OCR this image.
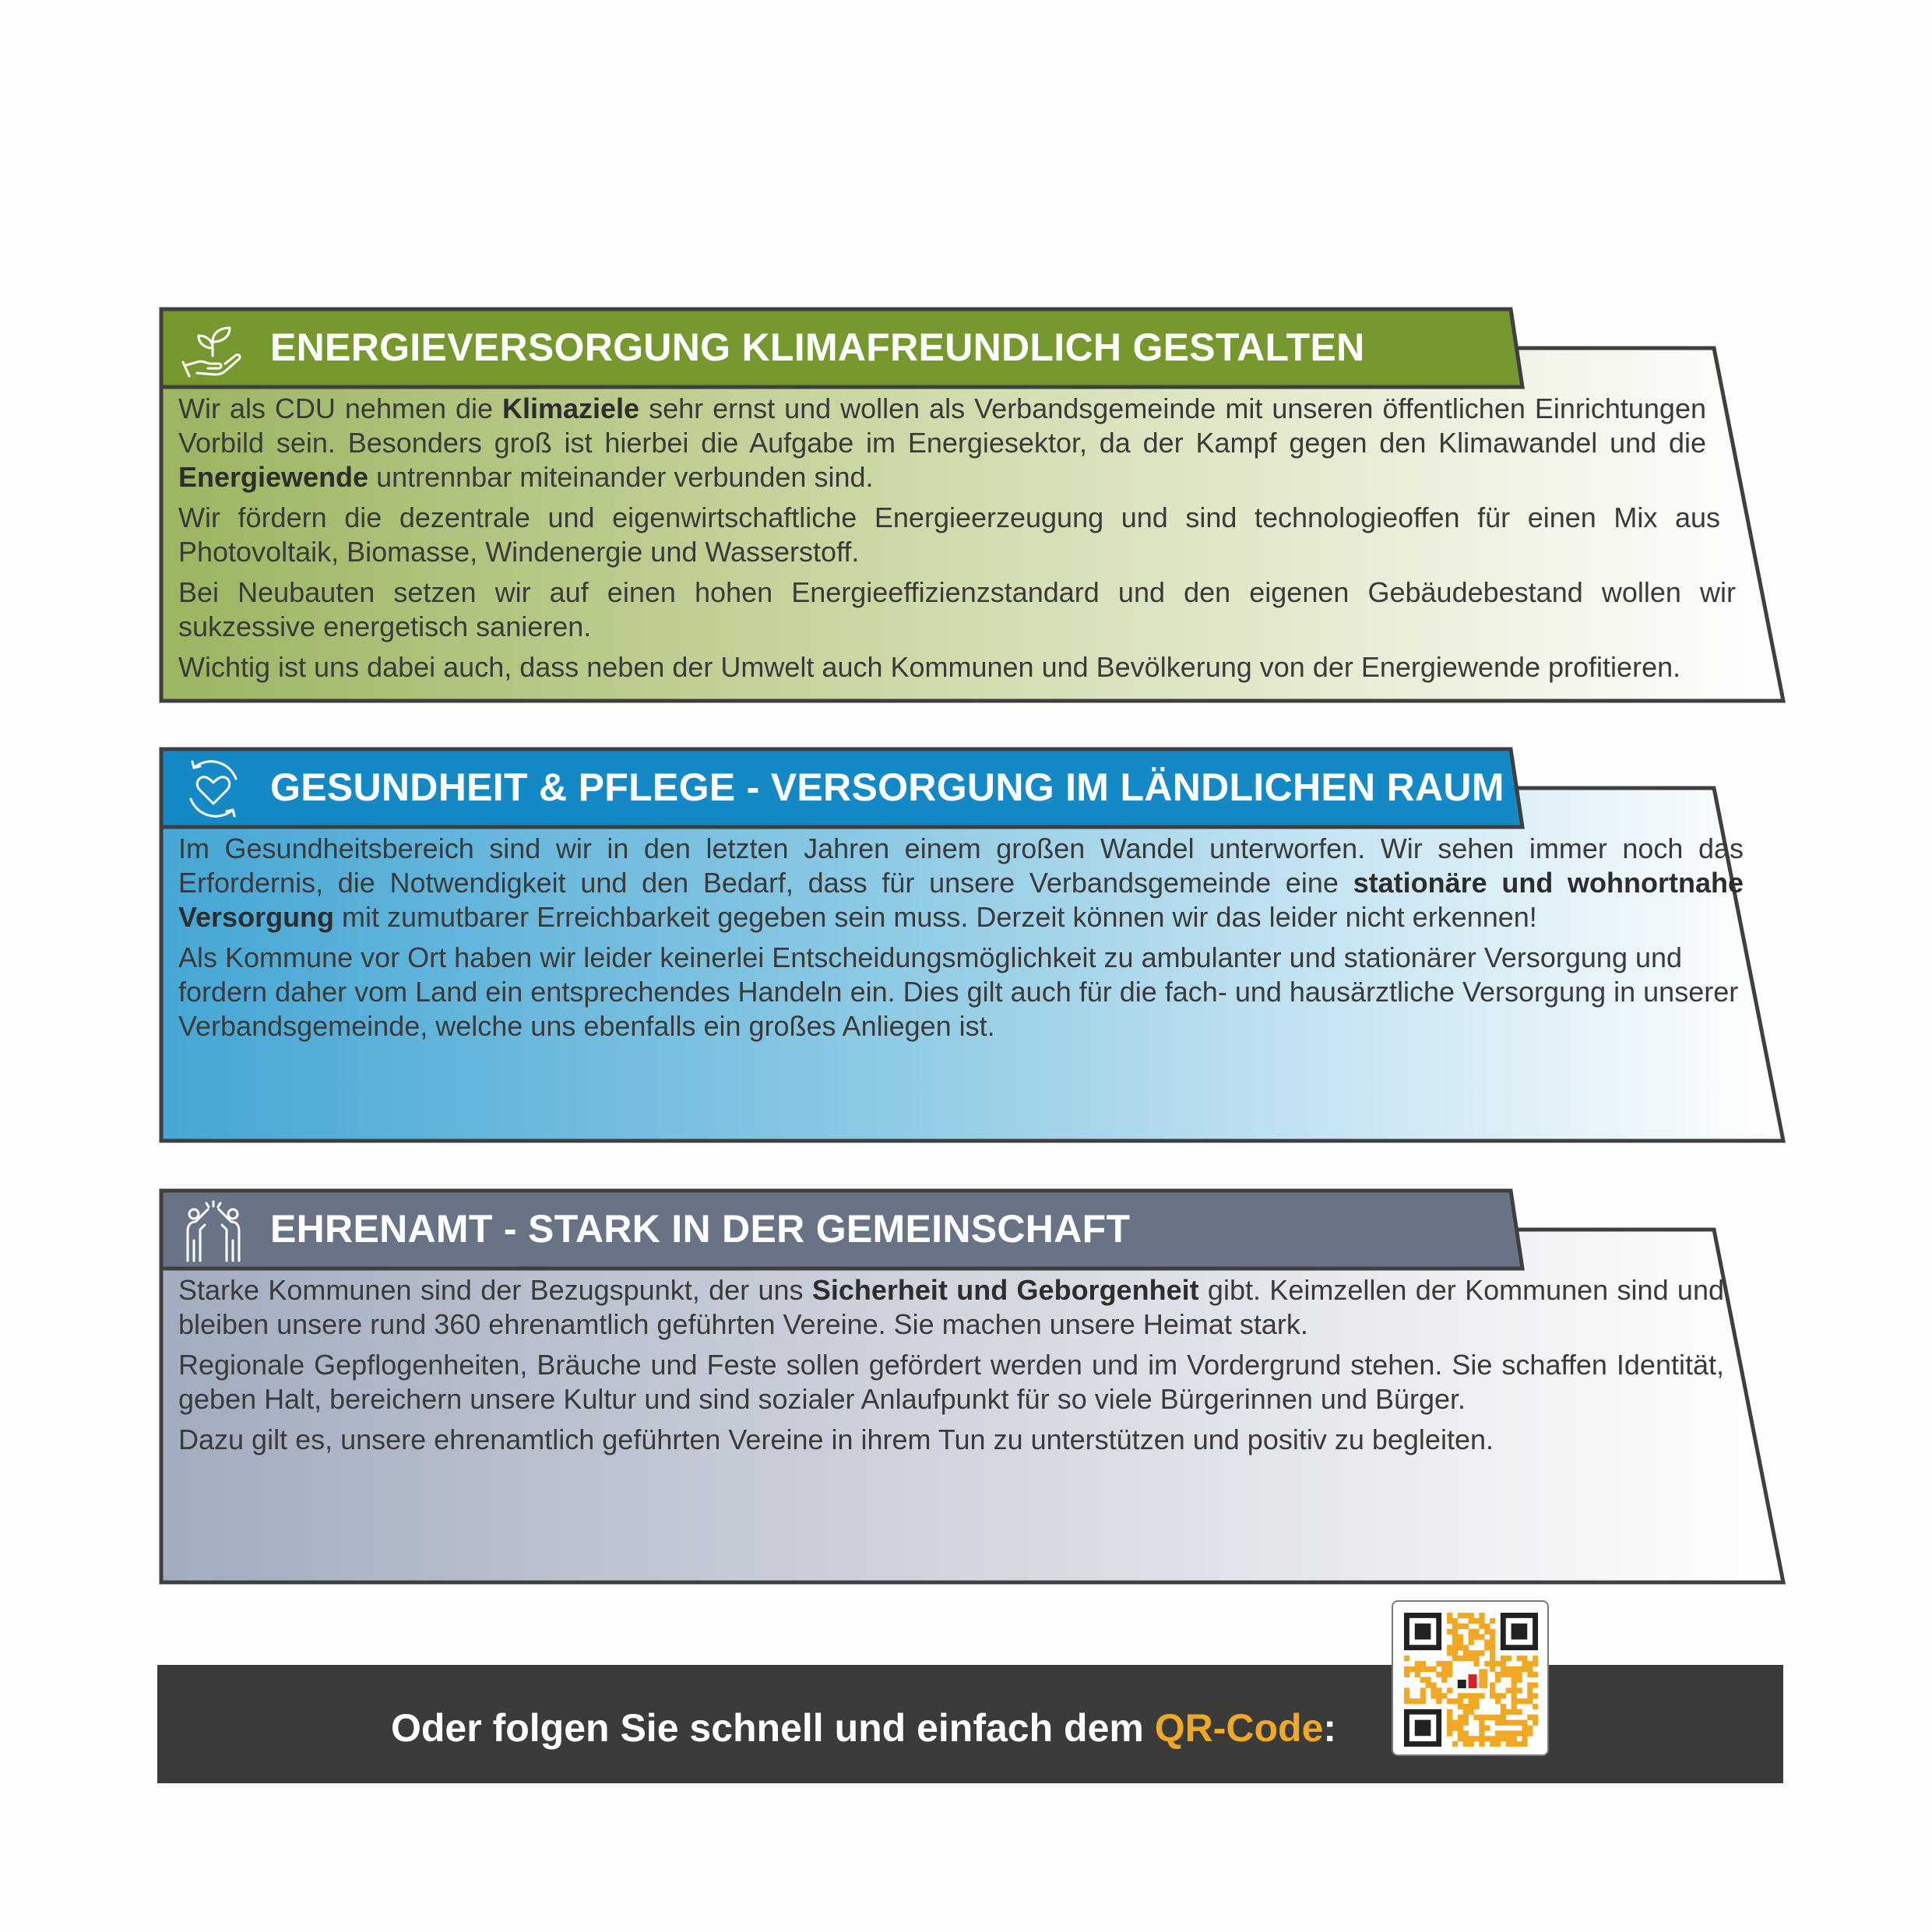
ENERGIEVERSORGUNG KLIMAFREUNDLICH GESTALTEN

Wir als CDU nehmen die Klimaziele sehr ernst und wollen als Verbandsgemeinde mit unseren öffentlichen Einrichtungen Vorbild sein. Besonders groß ist hierbei die Aufgabe im Energiesektor, da der Kampf gegen den Klimawandel und die Energiewende untrennbar miteinander verbunden sind.

Wir fördern die dezentrale und eigenwirtschaftliche Energieerzeugung und sind technologieoffen für einen Mix aus Photovoltaik, Biomasse, Windenergie und Wasserstoff.

Bei Neubauten setzen wir auf einen hohen Energieeffizienzstandard und den eigenen Gebäudebestand wollen wir sukzessive energetisch sanieren.

Wichtig ist uns dabei auch, dass neben der Umwelt auch Kommunen und Bevölkerung von der Energiewende profitieren.

GESUNDHEIT & PFLEGE - VERSORGUNG IM LÄNDLICHEN RAUM

Im Gesundheitsbereich sind wir in den letzten Jahren einem großen Wandel unterworfen. Wir sehen immer noch das Erfordernis, die Notwendigkeit und den Bedarf, dass für unsere Verbandsgemeinde eine stationäre und wohnortnahe Versorgung mit zumutbarer Erreichbarkeit gegeben sein muss. Derzeit können wir das leider nicht erkennen!

Als Kommune vor Ort haben wir leider keinerlei Entscheidungsmöglichkeit zu ambulanter und stationärer Versorgung und fordern daher vom Land ein entsprechendes Handeln ein. Dies gilt auch für die fach- und hausärztliche Versorgung in unserer Verbandsgemeinde, welche uns ebenfalls ein großes Anliegen ist.

EHRENAMT - STARK IN DER GEMEINSCHAFT

Starke Kommunen sind der Bezugspunkt, der uns Sicherheit und Geborgenheit gibt. Keimzellen der Kommunen sind und bleiben unsere rund 360 ehrenamtlich geführten Vereine. Sie machen unsere Heimat stark.

Regionale Gepflogenheiten, Bräuche und Feste sollen gefördert werden und im Vordergrund stehen. Sie schaffen Identität, geben Halt, bereichern unsere Kultur und sind sozialer Anlaufpunkt für so viele Bürgerinnen und Bürger.

Dazu gilt es, unsere ehrenamtlich geführten Vereine in ihrem Tun zu unterstützen und positiv zu begleiten.

Oder folgen Sie schnell und einfach dem QR-Code:
